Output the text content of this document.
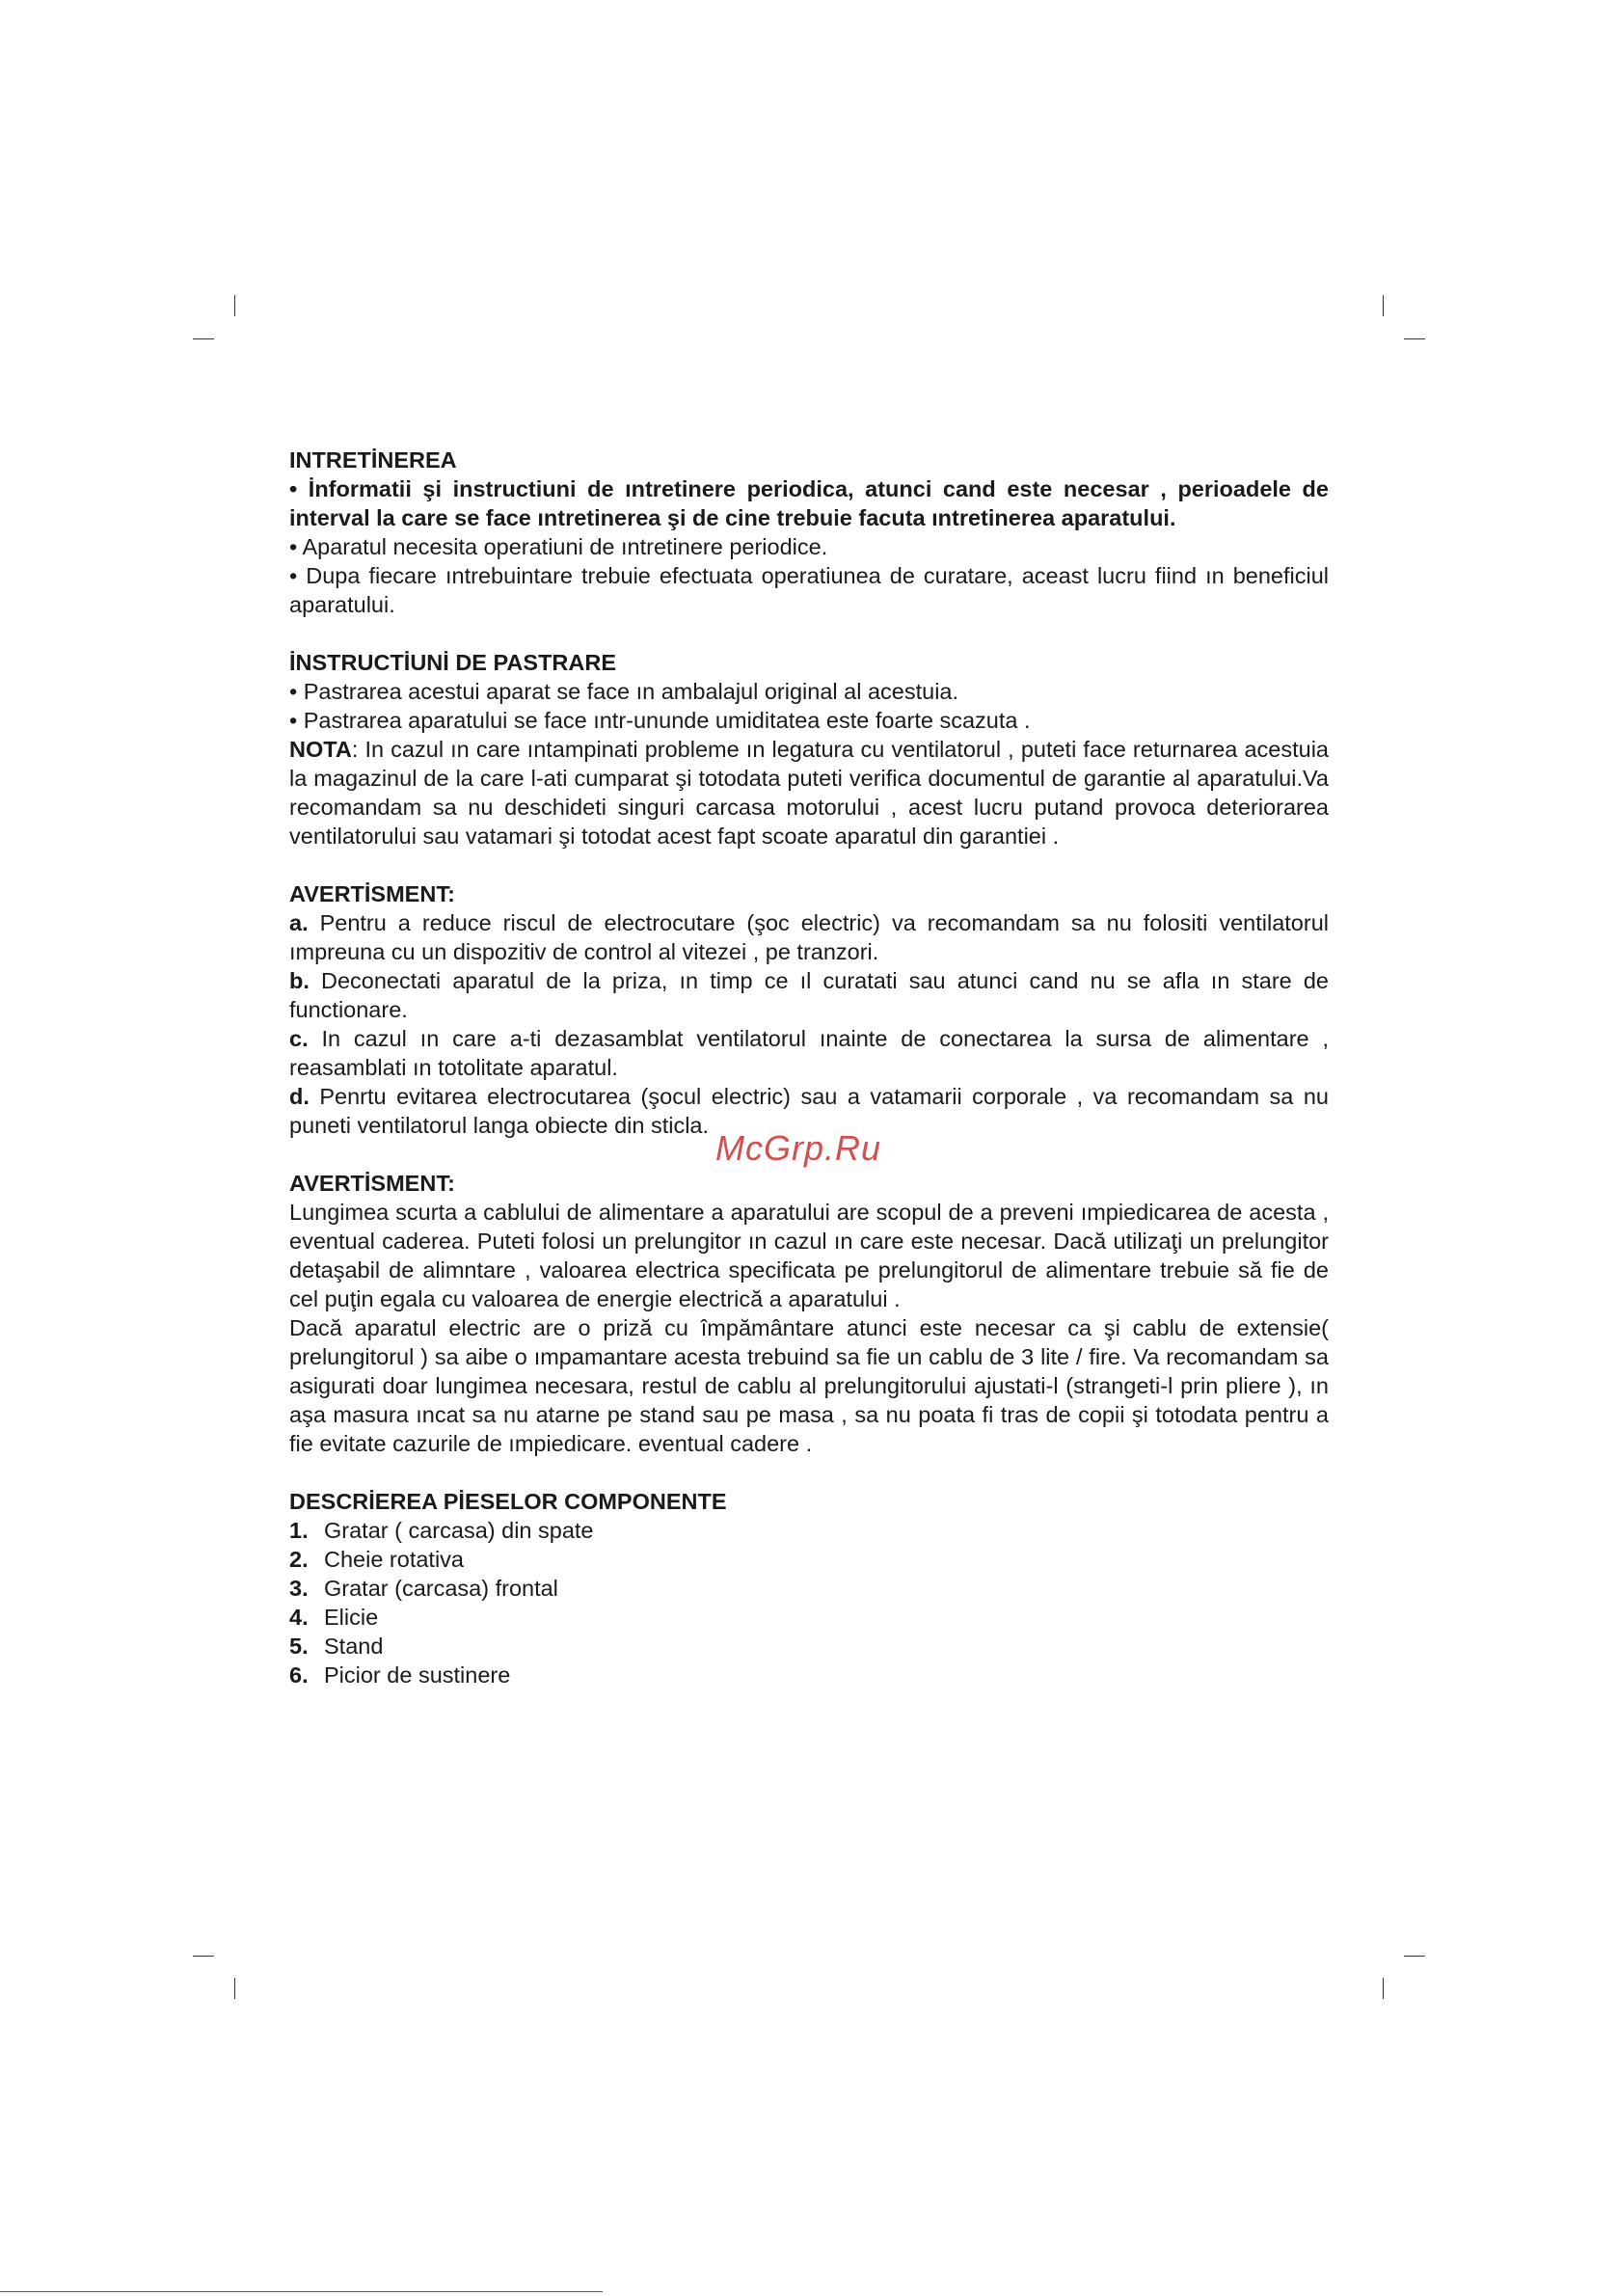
INTRETİNEREA

• İnformatii şi instructiuni de ıntretinere periodica, atunci cand este necesar , perioadele de interval la care se face ıntretinerea şi de cine trebuie facuta ıntretinerea aparatului.

• Aparatul necesita operatiuni de ıntretinere periodice.

• Dupa fiecare ıntrebuintare trebuie efectuata operatiunea de curatare, aceast lucru fiind ın beneficiul aparatului.

İNSTRUCTİUNİ DE PASTRARE

• Pastrarea acestui aparat se face ın ambalajul original al acestuia.

• Pastrarea aparatului se face ıntr-ununde umiditatea este foarte scazuta .

NOTA: In cazul ın care ıntampinati probleme ın legatura cu ventilatorul , puteti face returnarea acestuia la magazinul de la care l-ati cumparat şi totodata puteti verifica documentul de garantie al aparatului.Va recomandam sa nu deschideti singuri carcasa motorului , acest lucru putand provoca deteriorarea ventilatorului sau vatamari şi totodat acest fapt scoate aparatul din garantiei .

AVERTİSMENT:

a. Pentru a reduce riscul de electrocutare (şoc electric) va recomandam sa nu folositi ventilatorul ımpreuna cu un dispozitiv de control al vitezei , pe tranzori.

b. Deconectati aparatul de la priza, ın timp ce ıl curatati sau atunci cand nu se afla ın stare de functionare.

c. In cazul ın care a-ti dezasamblat ventilatorul ınainte de conectarea la sursa de alimentare , reasamblati ın totolitate aparatul.

d. Penrtu evitarea electrocutarea (şocul electric) sau a vatamarii corporale , va recomandam sa nu puneti ventilatorul langa obiecte din sticla.

AVERTİSMENT:

Lungimea scurta a cablului de alimentare a aparatului are scopul de a preveni ımpiedicarea de acesta , eventual caderea. Puteti folosi un prelungitor ın cazul ın care este necesar. Dacă utilizaţi un prelungitor detaşabil de alimntare , valoarea electrica specificata pe prelungitorul de alimentare trebuie să fie de cel puţin egala cu valoarea de energie electrică a aparatului .

Dacă aparatul electric are o priză cu împământare atunci este necesar ca şi cablu de extensie( prelungitorul ) sa aibe o ımpamantare acesta trebuind sa fie un cablu de 3 lite / fire. Va recomandam sa asigurati doar lungimea necesara, restul de cablu al prelungitorului ajustati-l (strangeti-l prin pliere ), ın aşa masura ıncat sa nu atarne pe stand sau pe masa , sa nu poata fi tras de copii şi totodata pentru a fie evitate cazurile de ımpiedicare. eventual cadere .

DESCRİEREA PİESELOR COMPONENTE
1. Gratar ( carcasa) din spate
2. Cheie rotativa
3. Gratar (carcasa) frontal
4. Elicie
5. Stand
6. Picior de sustinere
McGrp.Ru
